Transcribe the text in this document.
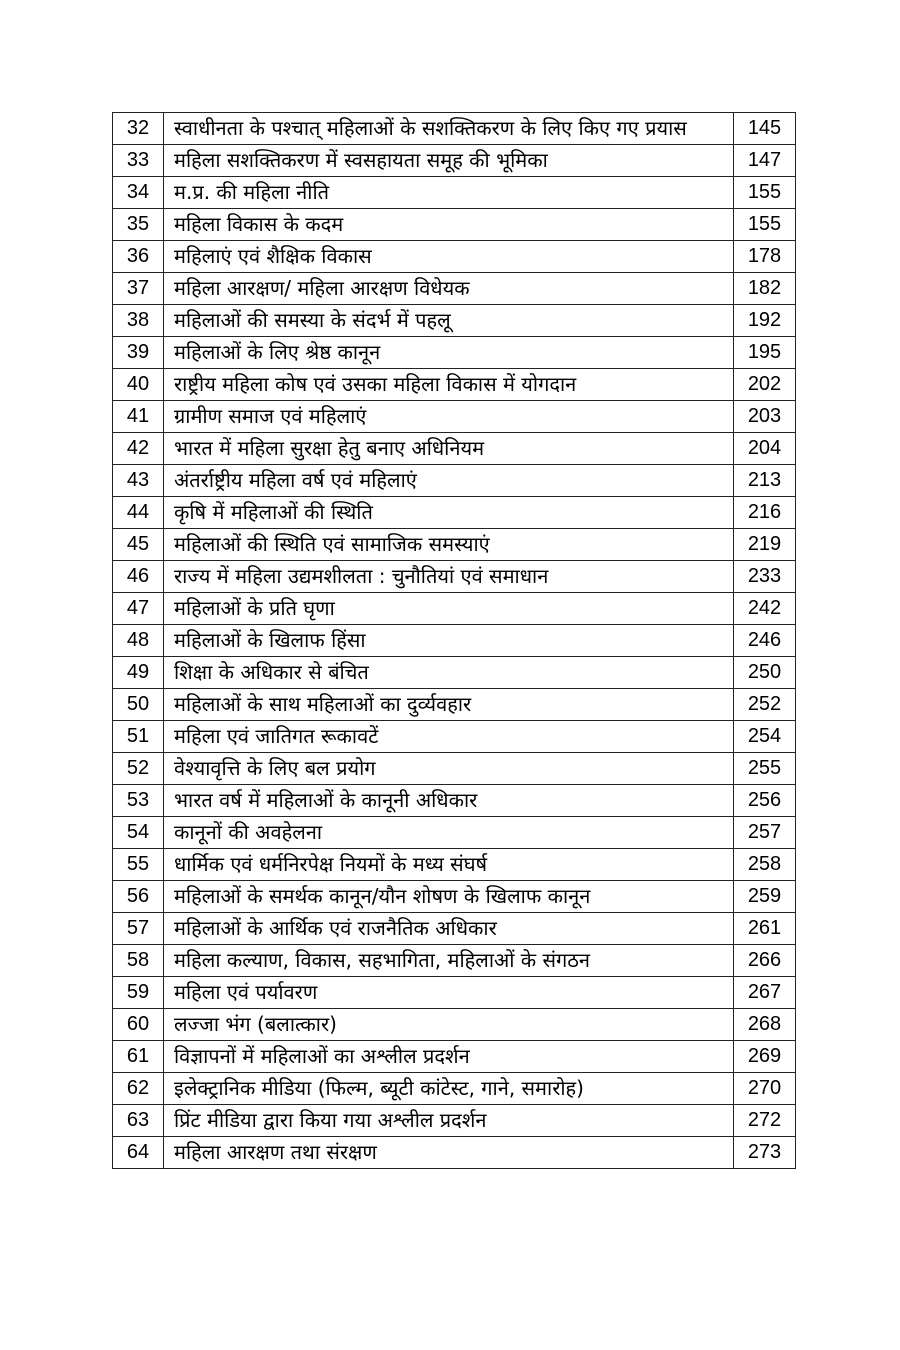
32	स्वाधीनता के पश्चात् महिलाओं के सशक्तिकरण के लिए किए गए प्रयास	145
33	महिला सशक्तिकरण में स्वसहायता समूह की भूमिका	147
34	म.प्र. की महिला नीति	155
35	महिला विकास के कदम	155
36	महिलाएं एवं शैक्षिक विकास	178
37	महिला आरक्षण/ महिला आरक्षण विधेयक	182
38	महिलाओं की समस्या के संदर्भ में पहलू	192
39	महिलाओं के लिए श्रेष्ठ कानून	195
40	राष्ट्रीय महिला कोष एवं उसका महिला विकास में योगदान	202
41	ग्रामीण समाज एवं महिलाएं	203
42	भारत में महिला सुरक्षा हेतु बनाए अधिनियम	204
43	अंतर्राष्ट्रीय महिला वर्ष एवं महिलाएं	213
44	कृषि में महिलाओं की स्थिति	216
45	महिलाओं की स्थिति एवं सामाजिक समस्याएं	219
46	राज्य में महिला उद्यमशीलता : चुनौतियां एवं समाधान	233
47	महिलाओं के प्रति घृणा	242
48	महिलाओं के खिलाफ हिंसा	246
49	शिक्षा के अधिकार से बंचित	250
50	महिलाओं के साथ महिलाओं का दुर्व्यवहार	252
51	महिला एवं जातिगत रूकावटें	254
52	वेश्यावृत्ति के लिए बल प्रयोग	255
53	भारत वर्ष में महिलाओं के कानूनी अधिकार	256
54	कानूनों की अवहेलना	257
55	धार्मिक एवं धर्मनिरपेक्ष नियमों के मध्य संघर्ष	258
56	महिलाओं के समर्थक कानून/यौन शोषण के खिलाफ कानून	259
57	महिलाओं के आर्थिक एवं राजनैतिक अधिकार	261
58	महिला कल्याण, विकास, सहभागिता, महिलाओं के संगठन	266
59	महिला एवं पर्यावरण	267
60	लज्जा भंग (बलात्कार)	268
61	विज्ञापनों में महिलाओं का अश्लील प्रदर्शन	269
62	इलेक्ट्रानिक मीडिया (फिल्म, ब्यूटी कांटेस्ट, गाने, समारोह)	270
63	प्रिंट मीडिया द्वारा किया गया अश्लील प्रदर्शन	272
64	महिला आरक्षण तथा संरक्षण	273
